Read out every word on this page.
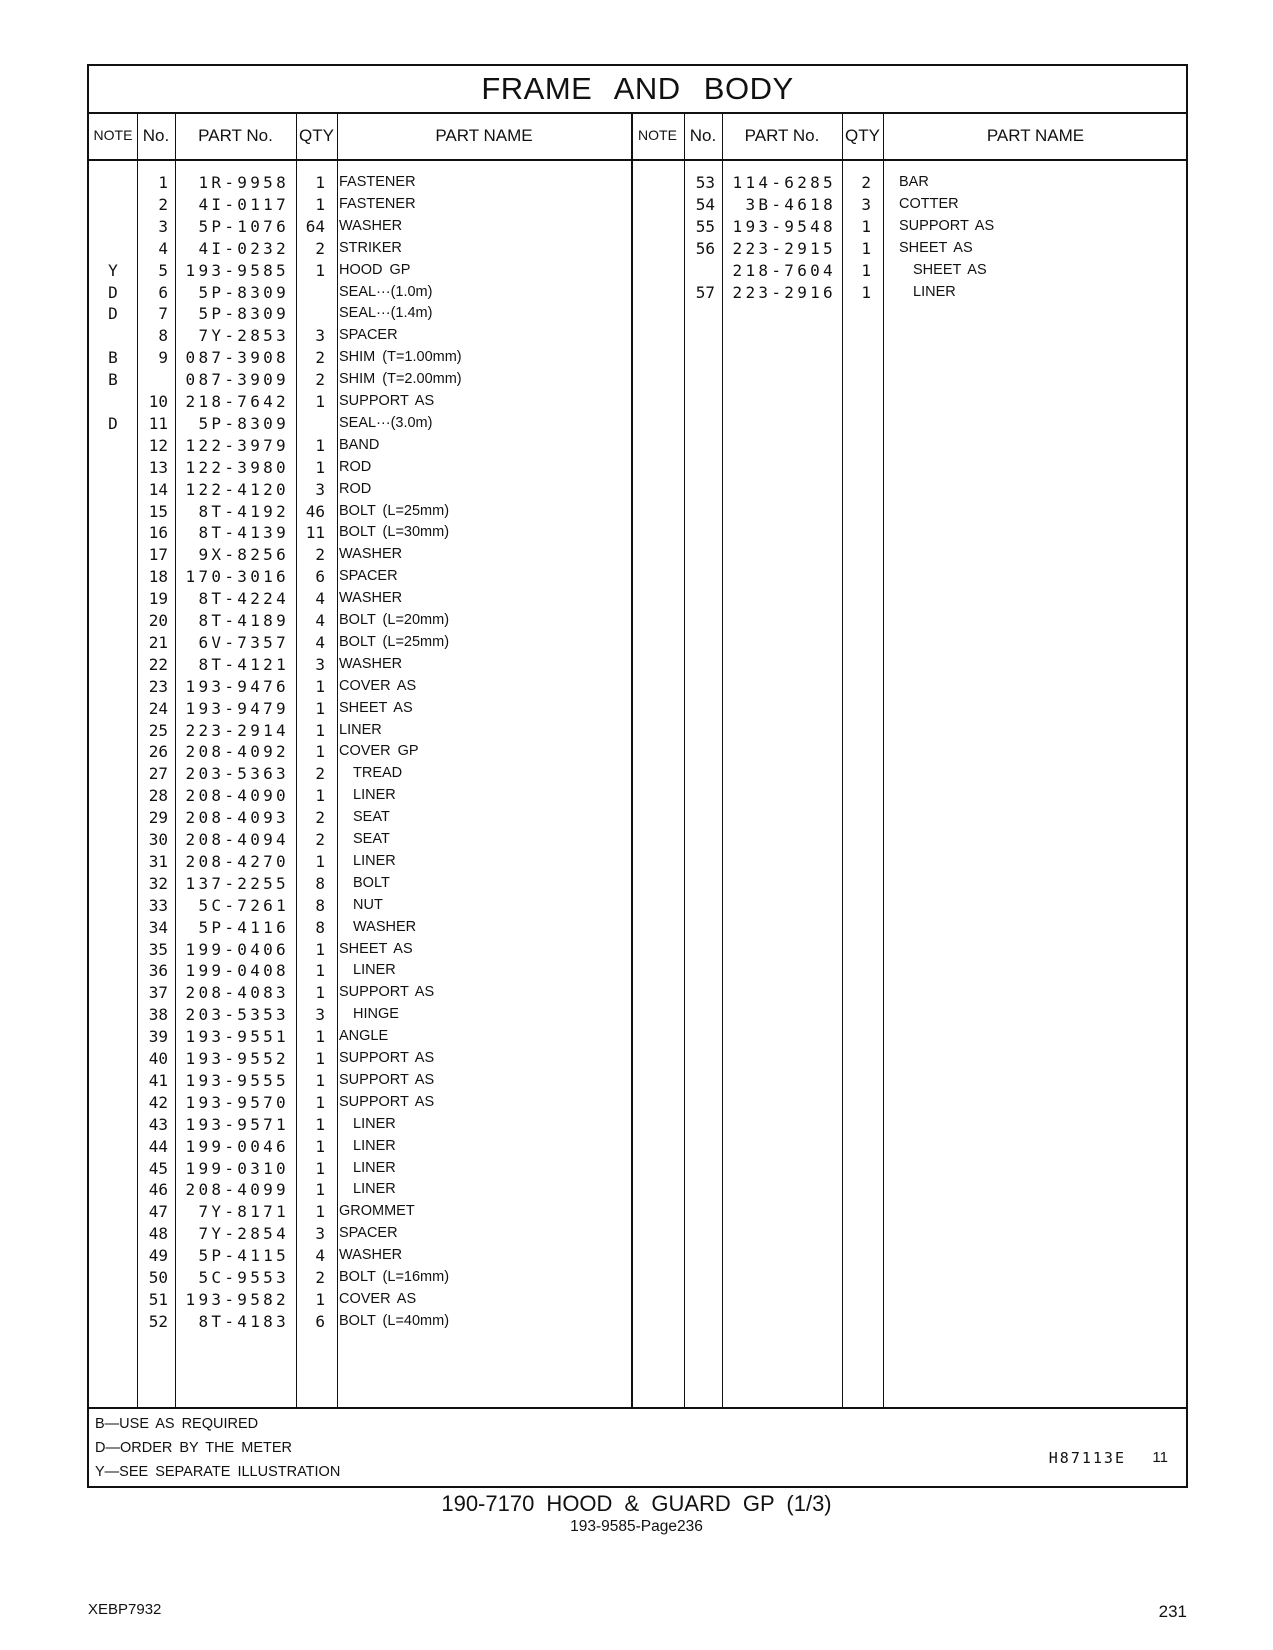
FRAME AND BODY
NOTE No.	PART No.	QTY	PART NAME	NOTE No.	PART No.	QTY	PART NAME
1	1R-9958	1 FASTENER
2	4I-0117	1 FASTENER
3	5P-1076	64 WASHER
4	4I-0232	2 STRIKER
Y	5 193-9585	1 HOOD GP
D	6	5P-8309	SEAL···(1.0m)
D	7	5P-8309	SEAL···(1.4m)
8	7Y-2853	3 SPACER
B	9 087-3908	2 SHIM (T=1.00mm)
B	087-3909	2 SHIM (T=2.00mm)
10 218-7642	1 SUPPORT AS
D	11	5P-8309	SEAL···(3.0m)
12 122-3979	1 BAND
13 122-3980	1 ROD
14 122-4120	3 ROD
15	8T-4192	46 BOLT (L=25mm)
16	8T-4139	11 BOLT (L=30mm)
17	9X-8256	2 WASHER
18 170-3016	6 SPACER
19	8T-4224	4 WASHER
20	8T-4189	4 BOLT (L=20mm)
21	6V-7357	4 BOLT (L=25mm)
22	8T-4121	3 WASHER
23 193-9476	1 COVER AS
24 193-9479	1 SHEET AS
25 223-2914	1 LINER
26 208-4092	1 COVER GP
27 203-5363	2	TREAD
28 208-4090	1	LINER
29 208-4093	2	SEAT
30 208-4094	2	SEAT
31 208-4270	1	LINER
32 137-2255	8	BOLT
33	5C-7261	8	NUT
34	5P-4116	8	WASHER
35 199-0406	1 SHEET AS
36 199-0408	1	LINER
37 208-4083	1 SUPPORT AS
38 203-5353	3	HINGE
39 193-9551	1 ANGLE
40 193-9552	1 SUPPORT AS
41 193-9555	1 SUPPORT AS
42 193-9570	1 SUPPORT AS
43 193-9571	1	LINER
44 199-0046	1	LINER
45 199-0310	1	LINER
46 208-4099	1	LINER
47	7Y-8171	1 GROMMET
48	7Y-2854	3 SPACER
49	5P-4115	4 WASHER
50	5C-9553	2 BOLT (L=16mm)
51 193-9582	1 COVER AS
52	8T-4183	6 BOLT (L=40mm)
53 114-6285	2 BAR
54	3B-4618	3 COTTER
55 193-9548	1 SUPPORT AS
56 223-2915	1 SHEET AS
218-7604	1	SHEET AS
57 223-2916	1	LINER
B—USE AS REQUIRED
D—ORDER BY THE METER
Y—SEE SEPARATE ILLUSTRATION
H87113E 11
190-7170 HOOD & GUARD GP (1/3)
193-9585-Page236
XEBP7932	231
